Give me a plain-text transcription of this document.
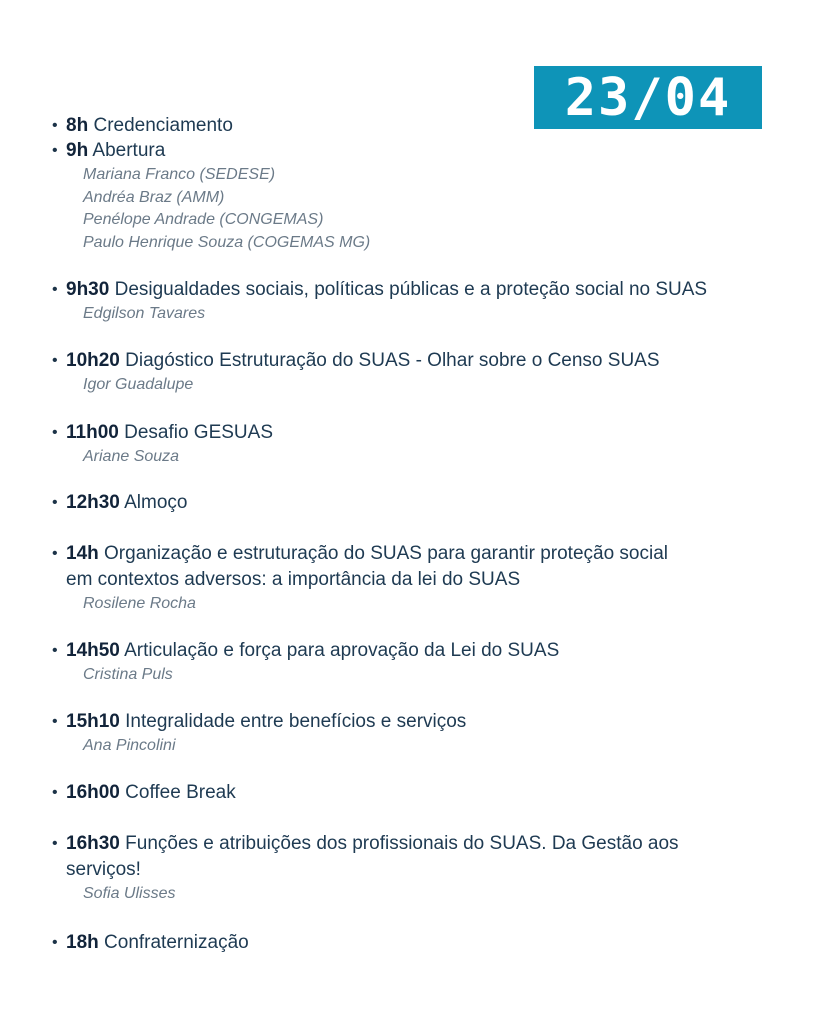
23/04
• 8h Credenciamento
• 9h Abertura
Mariana Franco (SEDESE)
Andréa Braz (AMM)
Penélope Andrade (CONGEMAS)
Paulo Henrique Souza (COGEMAS MG)
• 9h30 Desigualdades sociais, políticas públicas e a proteção social no SUAS
Edgilson Tavares
• 10h20 Diagóstico Estruturação do SUAS - Olhar sobre o Censo SUAS
Igor Guadalupe
• 11h00 Desafio GESUAS
Ariane Souza
• 12h30 Almoço
• 14h Organização e estruturação do SUAS para garantir proteção social
em contextos adversos: a importância da lei do SUAS
Rosilene Rocha
• 14h50 Articulação e força para aprovação da Lei do SUAS
Cristina Puls
• 15h10 Integralidade entre benefícios e serviços
Ana Pincolini
• 16h00 Coffee Break
• 16h30 Funções e atribuições dos profissionais do SUAS. Da Gestão aos
serviços!
Sofia Ulisses
• 18h Confraternização
